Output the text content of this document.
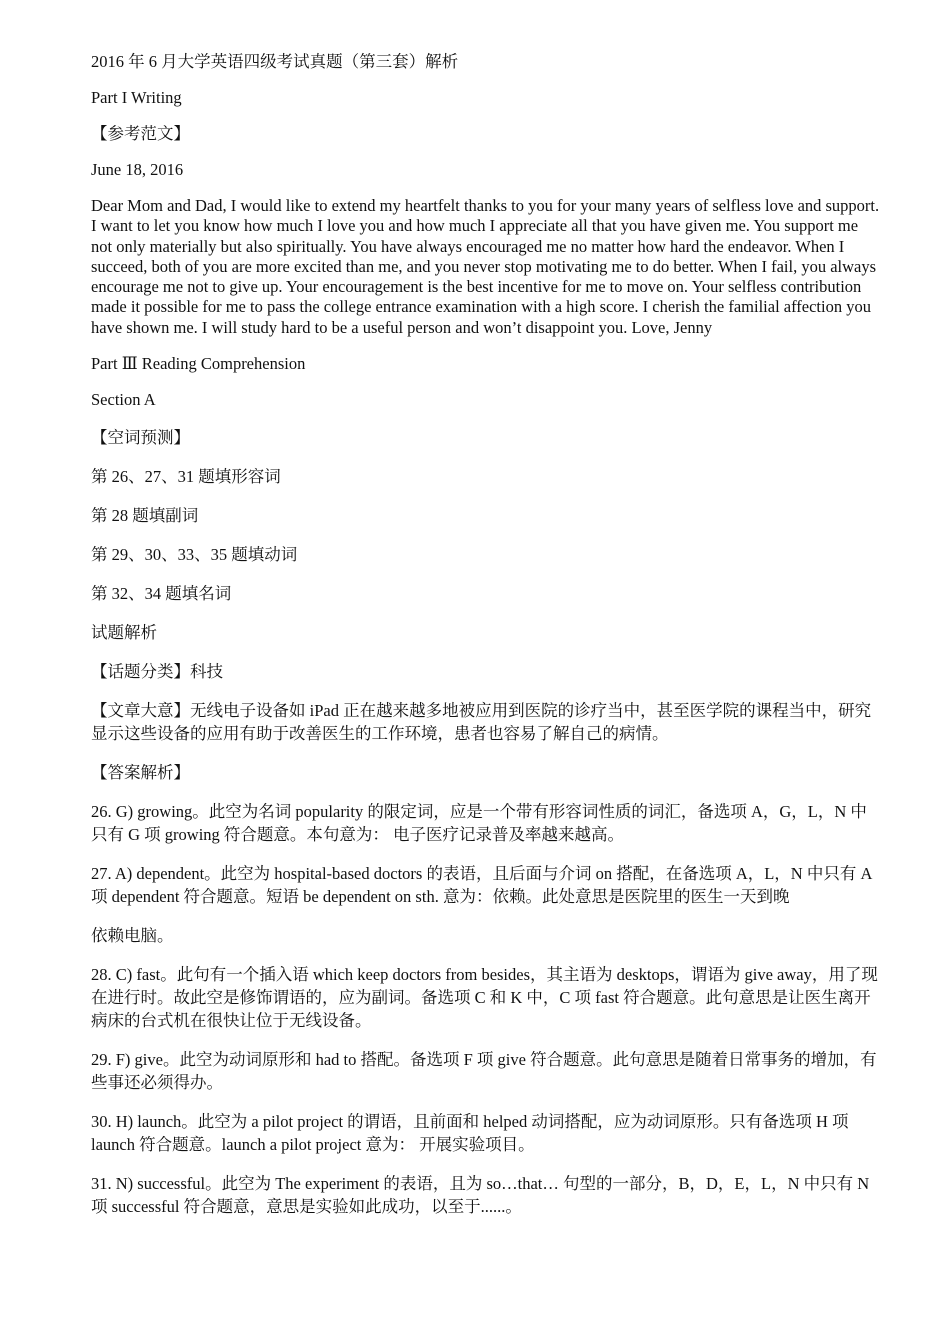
2016 年 6 月大学英语四级考试真题（第三套）解析

Part I Writing

【参考范文】

June 18, 2016

Dear Mom and Dad, I would like to extend my heartfelt thanks to you for your many years of selfless love and support. I want to let you know how much I love you and how much I appreciate all that you have given me. You support me not only materially but also spiritually. You have always encouraged me no matter how hard the endeavor. When I succeed, both of you are more excited than me, and you never stop motivating me to do better. When I fail, you always encourage me not to give up. Your encouragement is the best incentive for me to move on. Your selfless contribution made it possible for me to pass the college entrance examination with a high score. I cherish the familial affection you have shown me. I will study hard to be a useful person and won’t disappoint you. Love, Jenny

Part Ⅲ Reading Comprehension

Section A

【空词预测】

第 26、27、31 题填形容词

第 28 题填副词

第 29、30、33、35 题填动词

第 32、34 题填名词

试题解析

【话题分类】科技

【文章大意】无线电子设备如 iPad 正在越来越多地被应用到医院的诊疗当中，甚至医学院的课程当中，研究显示这些设备的应用有助于改善医生的工作环境，患者也容易了解自己的病情。

【答案解析】

26. G) growing。此空为名词 popularity 的限定词，应是一个带有形容词性质的词汇，备选项 A，G，L，N 中只有 G 项 growing 符合题意。本句意为： 电子医疗记录普及率越来越高。

27. A) dependent。此空为 hospital-based doctors 的表语，且后面与介词 on 搭配，在备选项 A，L，N 中只有 A 项 dependent 符合题意。短语 be dependent on sth. 意为：依赖。此处意思是医院里的医生一天到晚

依赖电脑。

28. C) fast。此句有一个插入语 which keep doctors from besides，其主语为 desktops，谓语为 give away，用了现在进行时。故此空是修饰谓语的，应为副词。备选项 C 和 K 中，C 项 fast 符合题意。此句意思是让医生离开病床的台式机在很快让位于无线设备。

29. F) give。此空为动词原形和 had to 搭配。备选项 F 项 give 符合题意。此句意思是随着日常事务的增加，有些事还必须得办。

30. H) launch。此空为 a pilot project 的谓语，且前面和 helped 动词搭配，应为动词原形。只有备选项 H 项 launch 符合题意。launch a pilot project 意为： 开展实验项目。

31. N) successful。此空为 The experiment 的表语，且为 so…that… 句型的一部分，B，D，E，L，N 中只有 N 项 successful 符合题意，意思是实验如此成功，以至于......。
